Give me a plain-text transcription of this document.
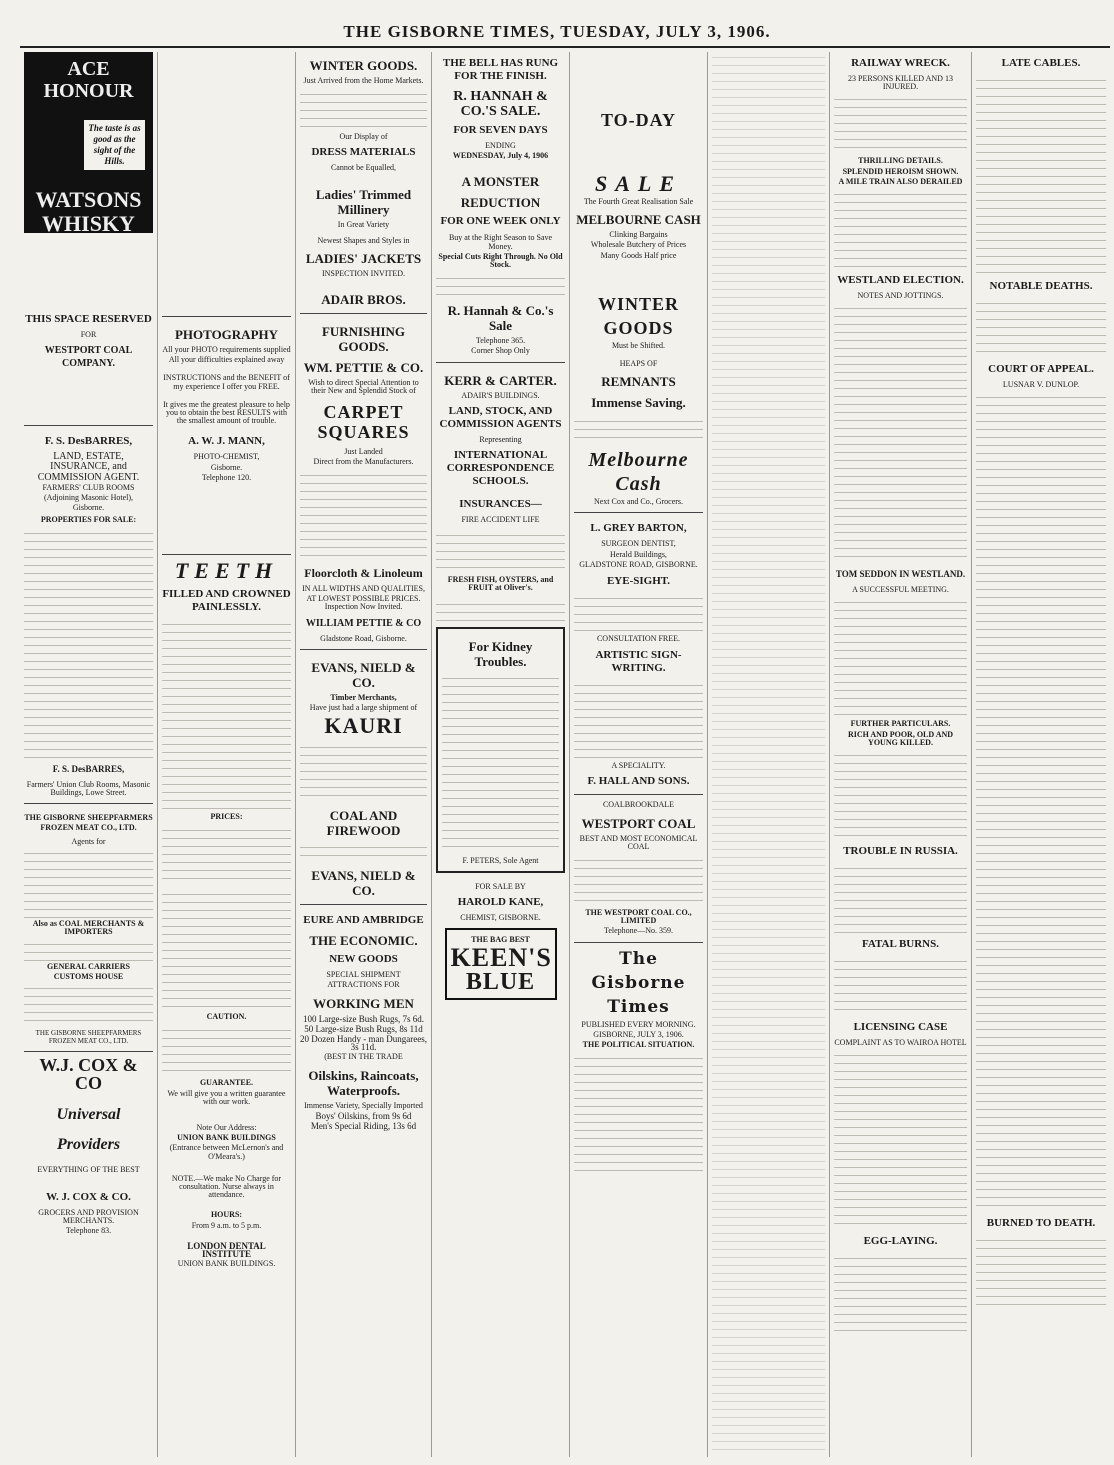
THE GISBORNE TIMES, TUESDAY, JULY 3, 1906.
ACE HONOUR
The taste is as good as the sight of the Hills.
WATSONS WHISKY
THIS SPACE RESERVED
FOR
WESTPORT COAL COMPANY.
F. S. DesBARRES,
LAND, ESTATE,
INSURANCE, and
COMMISSION AGENT.
FARMERS' CLUB ROOMS
(Adjoining Masonic Hotel),
Gisborne.
PROPERTIES FOR SALE:
F. S. DesBARRES,
Farmers' Union Club Rooms, Masonic Buildings, Lowe Street.
THE GISBORNE SHEEPFARMERS FROZEN MEAT CO., LTD.
Agents for
Also as COAL MERCHANTS & IMPORTERS
GENERAL CARRIERS
CUSTOMS HOUSE
THE GISBORNE SHEEPFARMERS FROZEN MEAT CO., LTD.
W.J. COX & CO
Universal
Providers
EVERYTHING OF THE BEST
W. J. COX & CO.
GROCERS AND PROVISION MERCHANTS.
Telephone 83.
PHOTOGRAPHY
All your PHOTO requirements supplied
All your difficulties explained away
INSTRUCTIONS and the BENEFIT of my experience I offer you FREE.
It gives me the greatest pleasure to help you to obtain the best RESULTS with the smallest amount of trouble.
A. W. J. MANN,
PHOTO-CHEMIST,
Gisborne.
Telephone 120.
TEETH
FILLED AND CROWNED PAINLESSLY.
PRICES:
CAUTION.
GUARANTEE.
We will give you a written guarantee with our work.
Note Our Address:
UNION BANK BUILDINGS
(Entrance between McLernon's and O'Meara's.)
NOTE.—We make No Charge for consultation. Nurse always in attendance.
HOURS:
From 9 a.m. to 5 p.m.
LONDON DENTAL INSTITUTE
UNION BANK BUILDINGS.
WINTER GOODS.
Just Arrived from the Home Markets.
Our Display of
DRESS MATERIALS
Cannot be Equalled,
Ladies' Trimmed Millinery
In Great Variety
Newest Shapes and Styles in
LADIES' JACKETS
INSPECTION INVITED.
ADAIR BROS.
FURNISHING GOODS.
WM. PETTIE & CO.
Wish to direct Special Attention to their New and Splendid Stock of
CARPET SQUARES
Just Landed
Direct from the Manufacturers.
Floorcloth & Linoleum
IN ALL WIDTHS AND QUALITIES,
AT LOWEST POSSIBLE PRICES. Inspection Now Invited.
WILLIAM PETTIE & CO
Gladstone Road, Gisborne.
EVANS, NIELD & CO.
Timber Merchants,
Have just had a large shipment of
KAURI
COAL AND FIREWOOD
EVANS, NIELD & CO.
EURE AND AMBRIDGE
THE ECONOMIC.
NEW GOODS
SPECIAL SHIPMENT
ATTRACTIONS FOR
WORKING MEN
100 Large-size Bush Rugs, 7s 6d.
50 Large-size Bush Rugs, 8s 11d
20 Dozen Handy - man Dungarees, 3s 11d.
(BEST IN THE TRADE
Oilskins, Raincoats, Waterproofs.
Immense Variety, Specially Imported
Boys' Oilskins, from 9s 6d
Men's Special Riding, 13s 6d
THE BELL HAS RUNG FOR THE FINISH.
R. HANNAH & CO.'S SALE.
FOR SEVEN DAYS
ENDING
WEDNESDAY, July 4, 1906
A MONSTER
REDUCTION
FOR ONE WEEK ONLY
Buy at the Right Season to Save Money.
Special Cuts Right Through. No Old Stock.
R. Hannah & Co.'s Sale
Telephone 365.
Corner Shop Only
KERR & CARTER.
ADAIR'S BUILDINGS.
LAND, STOCK, AND COMMISSION AGENTS
Representing
INTERNATIONAL CORRESPONDENCE SCHOOLS.
INSURANCES—
FIRE ACCIDENT LIFE
FRESH FISH, OYSTERS, and FRUIT at Oliver's.
For Kidney Troubles.
F. PETERS, Sole Agent
FOR SALE BY
HAROLD KANE,
CHEMIST, GISBORNE.
THE BAG BEST
KEEN'S
BLUE
TO-DAY
SALE
The Fourth Great Realisation Sale
MELBOURNE CASH
Clinking Bargains
Wholesale Butchery of Prices
Many Goods Half price
WINTER GOODS
Must be Shifted.
HEAPS OF
REMNANTS
Immense Saving.
Melbourne Cash
Next Cox and Co., Grocers.
L. GREY BARTON,
SURGEON DENTIST,
Herald Buildings,
GLADSTONE ROAD, GISBORNE.
EYE-SIGHT.
CONSULTATION FREE.
ARTISTIC SIGN-WRITING.
A SPECIALITY.
F. HALL AND SONS.
COALBROOKDALE
WESTPORT COAL
BEST AND MOST ECONOMICAL COAL
THE WESTPORT COAL CO., LIMITED
Telephone—No. 359.
The Gisborne Times
PUBLISHED EVERY MORNING.
GISBORNE, JULY 3, 1906.
THE POLITICAL SITUATION.
RAILWAY WRECK.
23 PERSONS KILLED AND 13 INJURED.
THRILLING DETAILS.
SPLENDID HEROISM SHOWN.
A MILE TRAIN ALSO DERAILED
WESTLAND ELECTION.
NOTES AND JOTTINGS.
TOM SEDDON IN WESTLAND.
A SUCCESSFUL MEETING.
FURTHER PARTICULARS.
RICH AND POOR, OLD AND YOUNG KILLED.
TROUBLE IN RUSSIA.
FATAL BURNS.
LICENSING CASE
COMPLAINT AS TO WAIROA HOTEL
EGG-LAYING.
LATE CABLES.
NOTABLE DEATHS.
COURT OF APPEAL.
LUSNAR V. DUNLOP.
BURNED TO DEATH.
